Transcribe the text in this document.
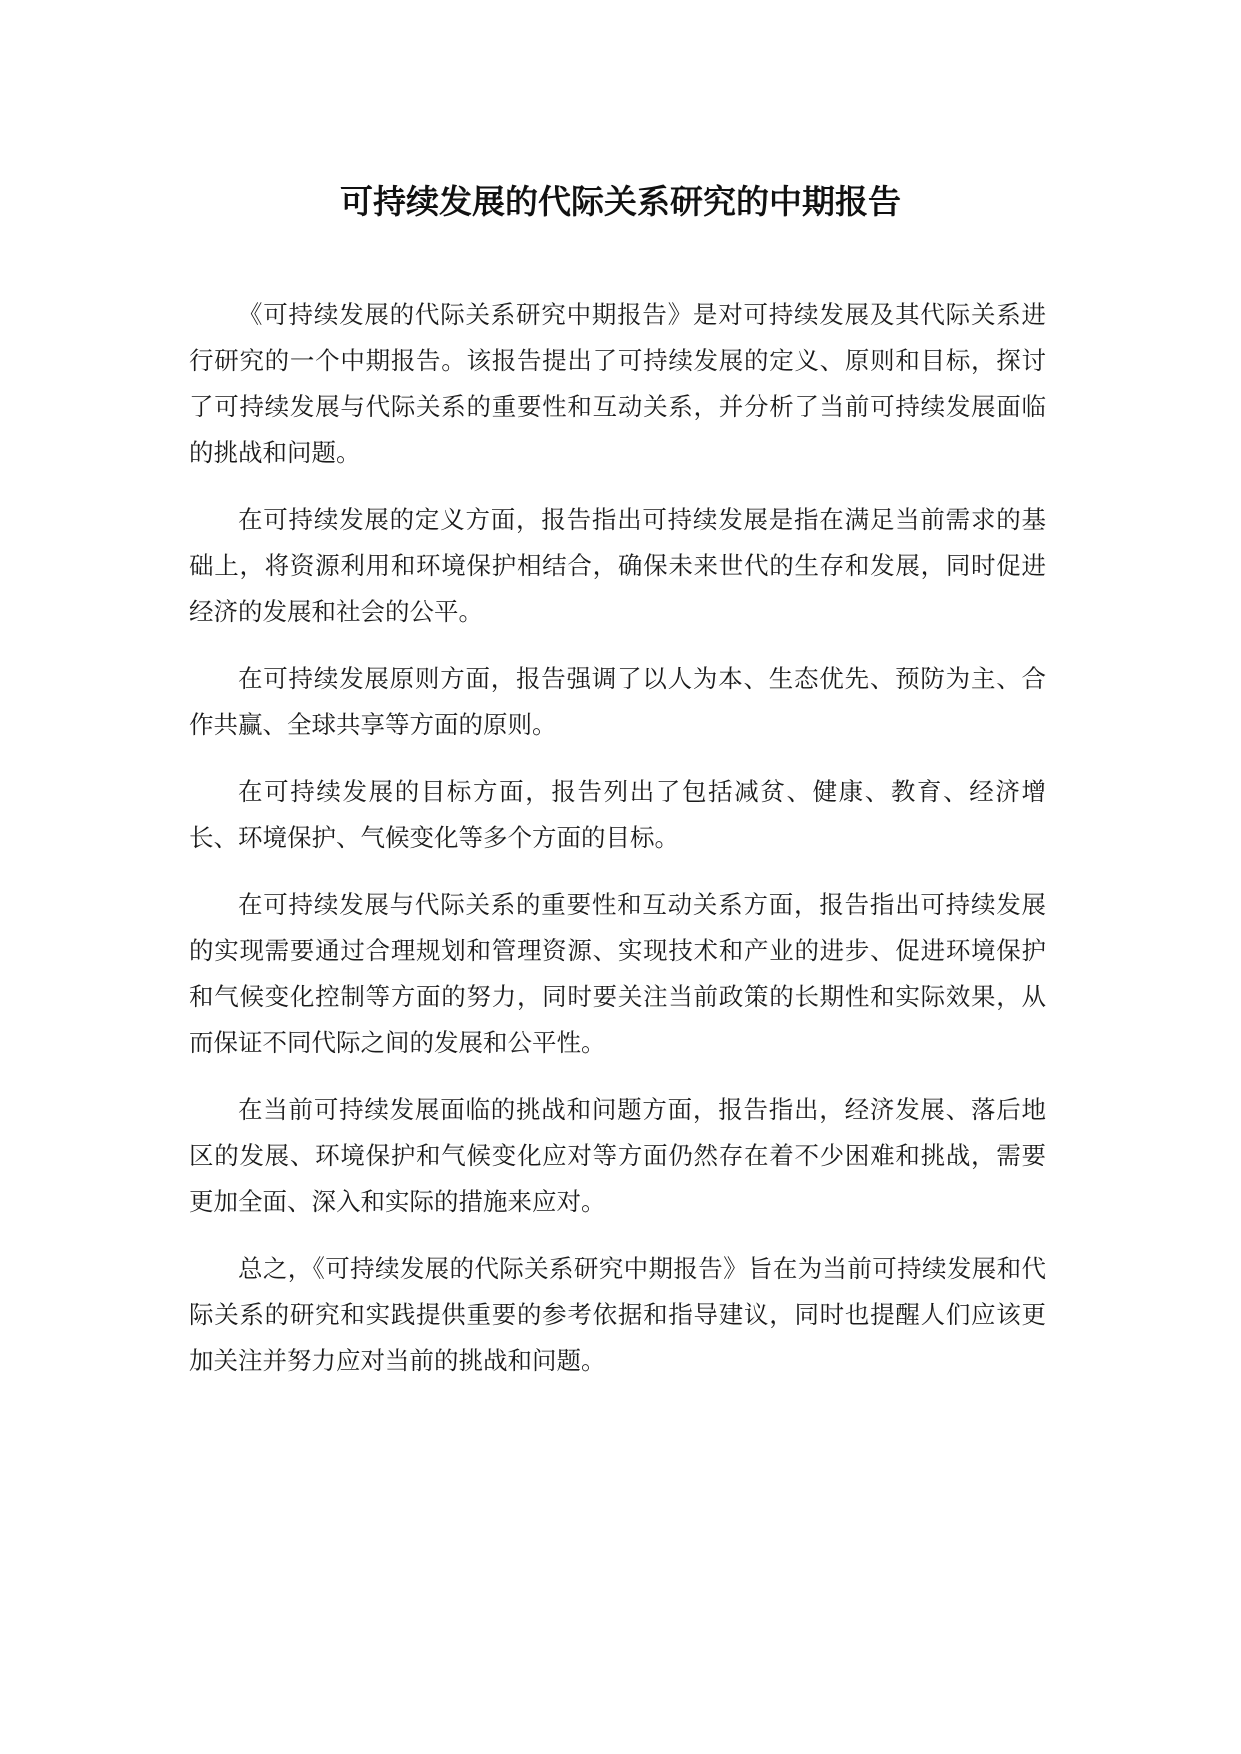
可持续发展的代际关系研究的中期报告

《可持续发展的代际关系研究中期报告》是对可持续发展及其代际关系进行研究的一个中期报告。该报告提出了可持续发展的定义、原则和目标，探讨了可持续发展与代际关系的重要性和互动关系，并分析了当前可持续发展面临的挑战和问题。

在可持续发展的定义方面，报告指出可持续发展是指在满足当前需求的基础上，将资源利用和环境保护相结合，确保未来世代的生存和发展，同时促进经济的发展和社会的公平。

在可持续发展原则方面，报告强调了以人为本、生态优先、预防为主、合作共赢、全球共享等方面的原则。

在可持续发展的目标方面，报告列出了包括减贫、健康、教育、经济增长、环境保护、气候变化等多个方面的目标。

在可持续发展与代际关系的重要性和互动关系方面，报告指出可持续发展的实现需要通过合理规划和管理资源、实现技术和产业的进步、促进环境保护和气候变化控制等方面的努力，同时要关注当前政策的长期性和实际效果，从而保证不同代际之间的发展和公平性。

在当前可持续发展面临的挑战和问题方面，报告指出，经济发展、落后地区的发展、环境保护和气候变化应对等方面仍然存在着不少困难和挑战，需要更加全面、深入和实际的措施来应对。

总之，《可持续发展的代际关系研究中期报告》旨在为当前可持续发展和代际关系的研究和实践提供重要的参考依据和指导建议，同时也提醒人们应该更加关注并努力应对当前的挑战和问题。
